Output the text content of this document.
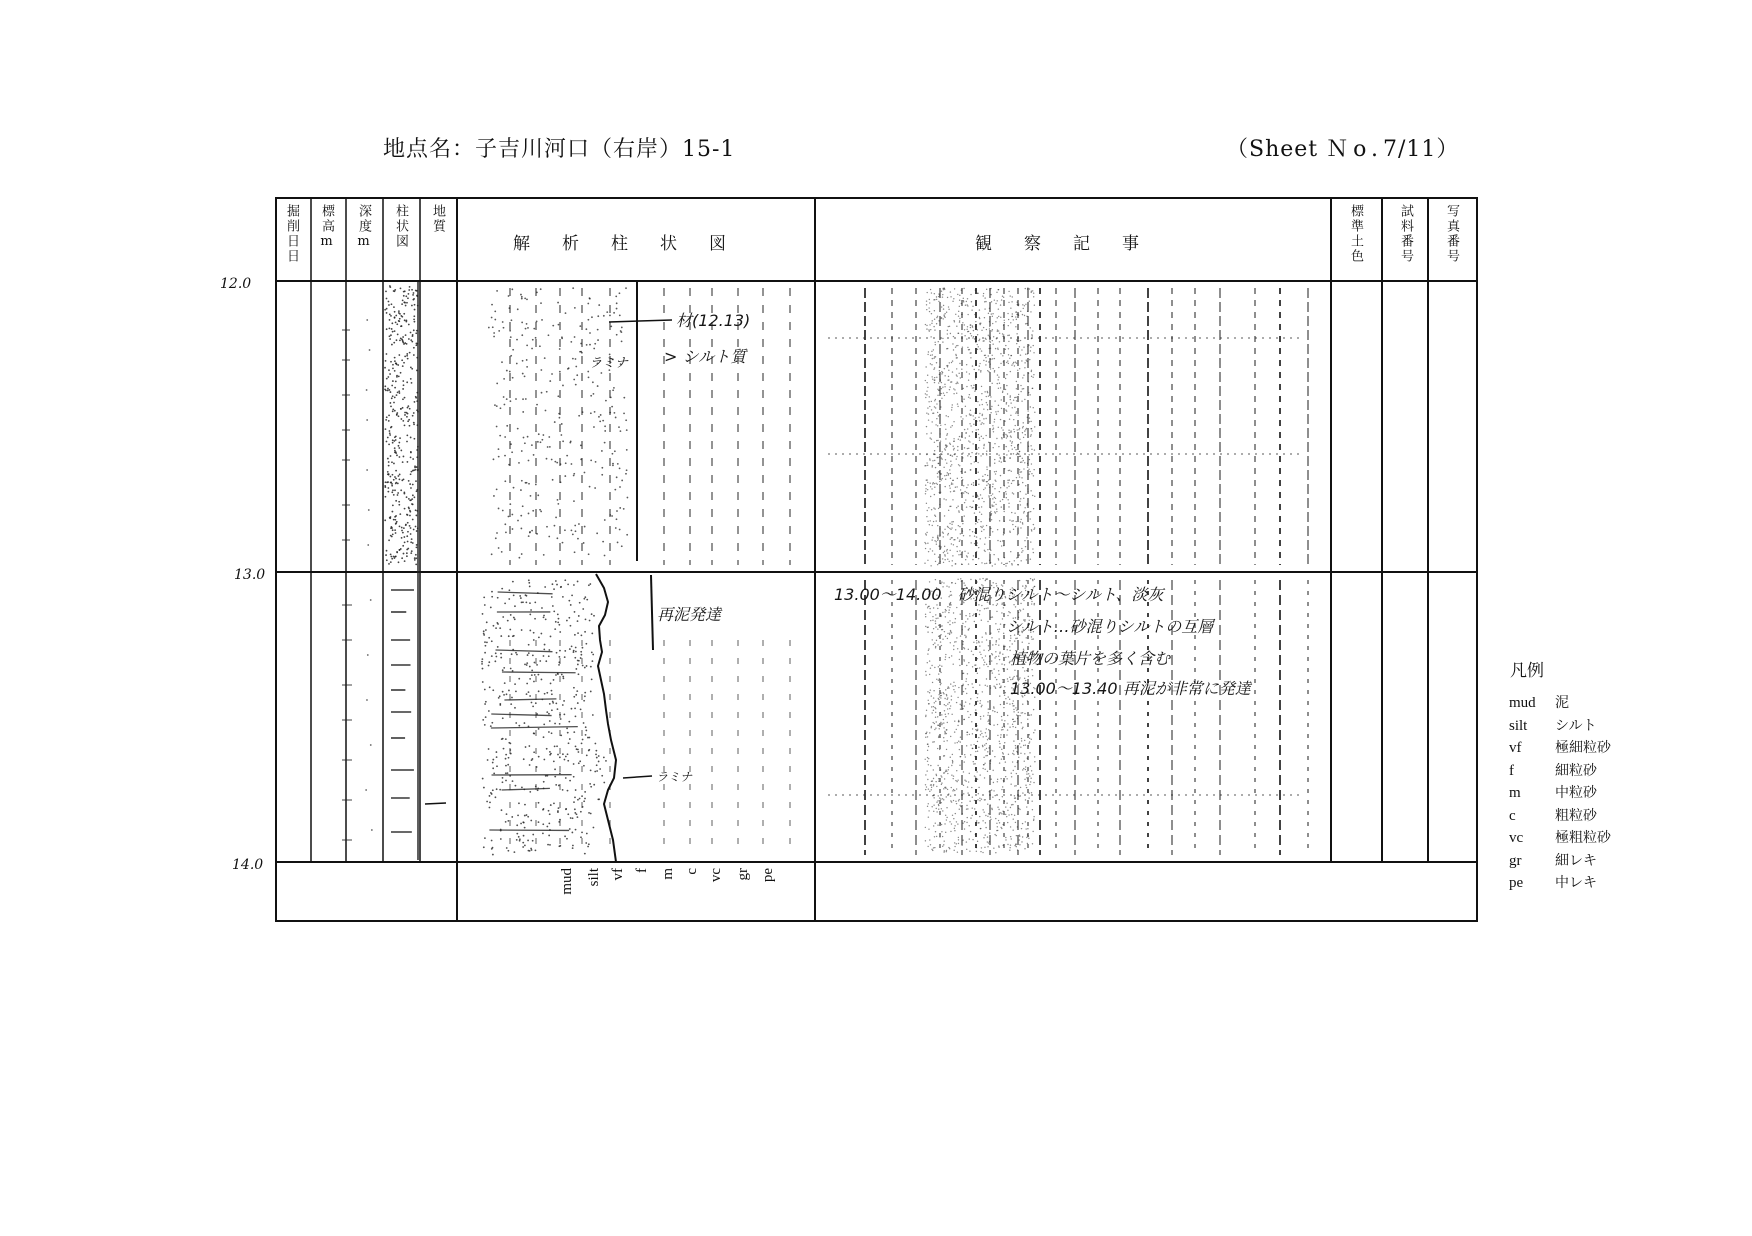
地点名：子吉川河口（右岸）15-1	（Sheet Ｎo.7/11）
12.0
13.0
14.0
掘削日日 標高m 深度m 柱状図 地質
解析柱状図	観察記事	標準土色	試料番号 写真番号
材(12.13)
ラミナ > シルト質
再泥発達
ラミナ
13.00～14.00　砂混りシルト～シルト、淡灰
シルト…砂混りシルトの互層
植物の葉片を多く含む
13.00～13.40 再泥が非常に発達
mud silt vf f m c vc gr pe
凡例
mud	泥
silt	シルト
vf	極細粒砂
f	細粒砂
m	中粒砂
c	粗粒砂
vc	極粗粒砂
gr	細レキ
pe	中レキ
